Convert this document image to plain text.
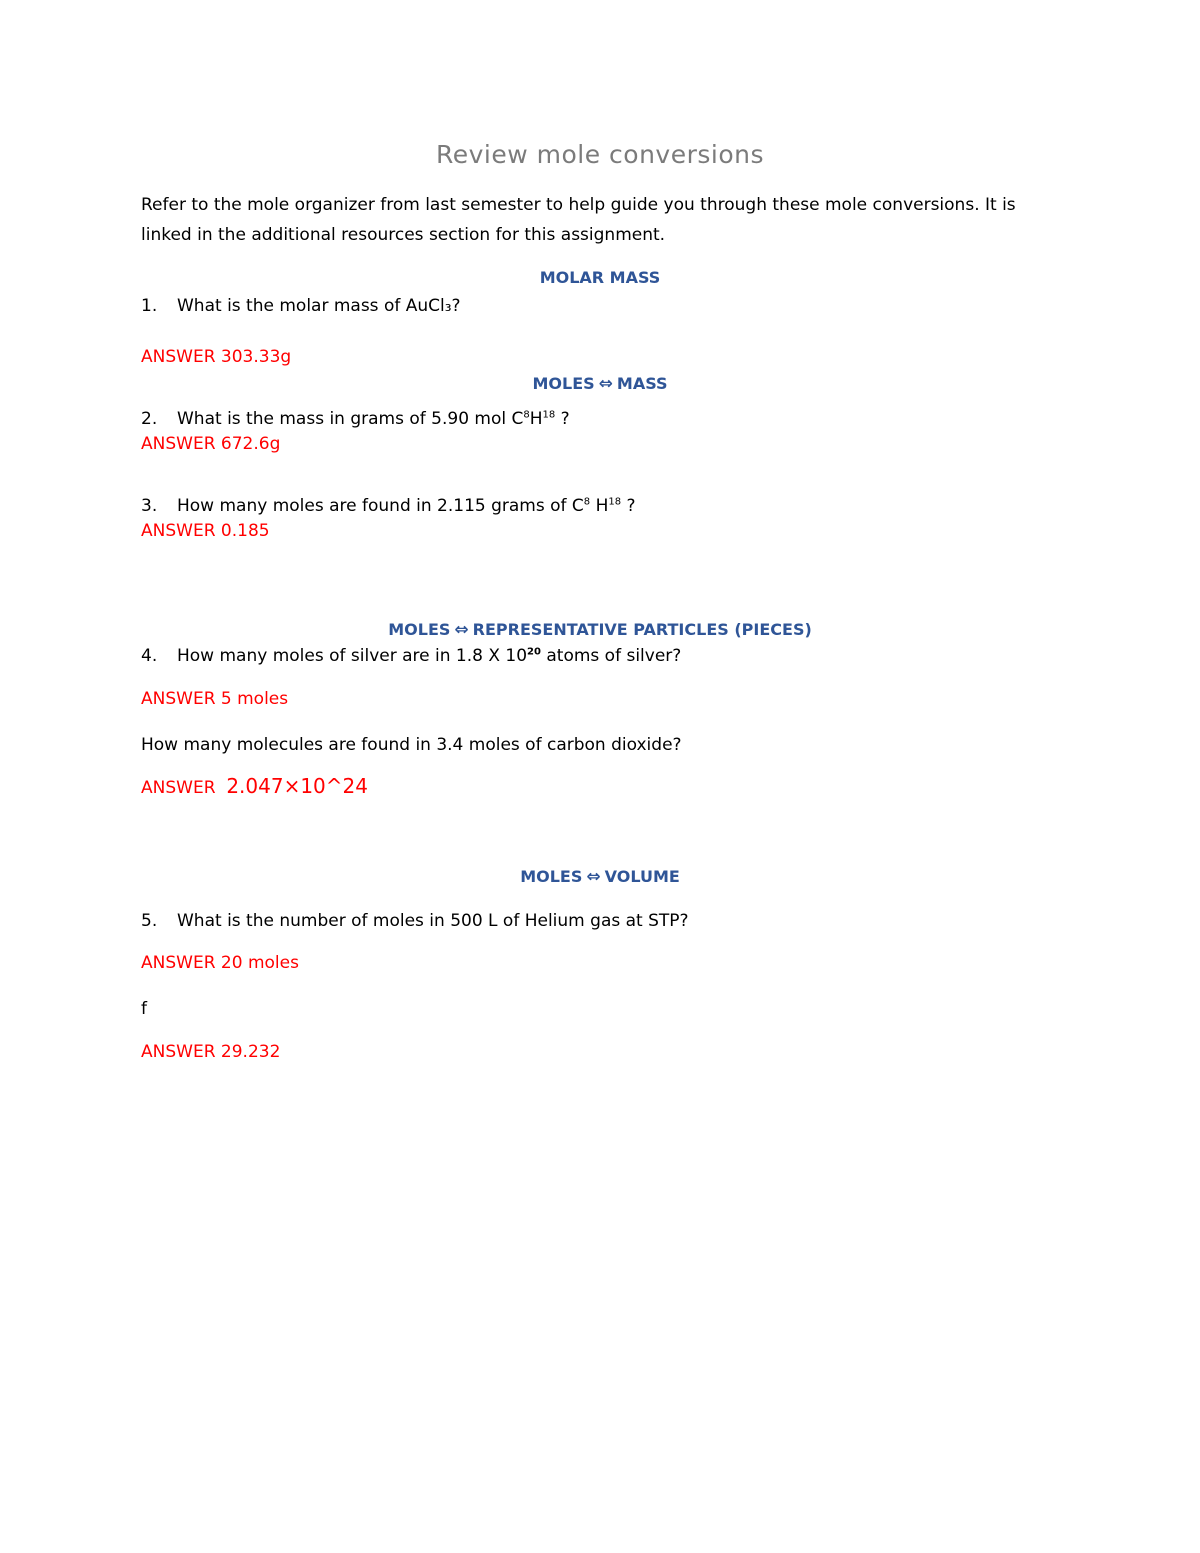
Review mole conversions
Refer to the mole organizer from last semester to help guide you through these mole conversions. It is
linked in the additional resources section for this assignment.
MOLAR MASS
1. What is the molar mass of AuCl₃?
ANSWER 303.33g
MOLES ⇔ MASS
2. What is the mass in grams of 5.90 mol $C^8H^{18}$ ?
ANSWER 672.6g
3. How many moles are found in 2.115 grams of $C^8$ $H^{18}$ ?
ANSWER 0.185
MOLES ⇔ REPRESENTATIVE PARTICLES (PIECES)
4. How many moles of silver are in 1.8 X $10^{20}$ atoms of silver?
ANSWER 5 moles
How many molecules are found in 3.4 moles of carbon dioxide?
ANSWER 2.047×10^24
MOLES ⇔ VOLUME
5. What is the number of moles in 500 L of Helium gas at STP?
ANSWER 20 moles
f
ANSWER 29.232
